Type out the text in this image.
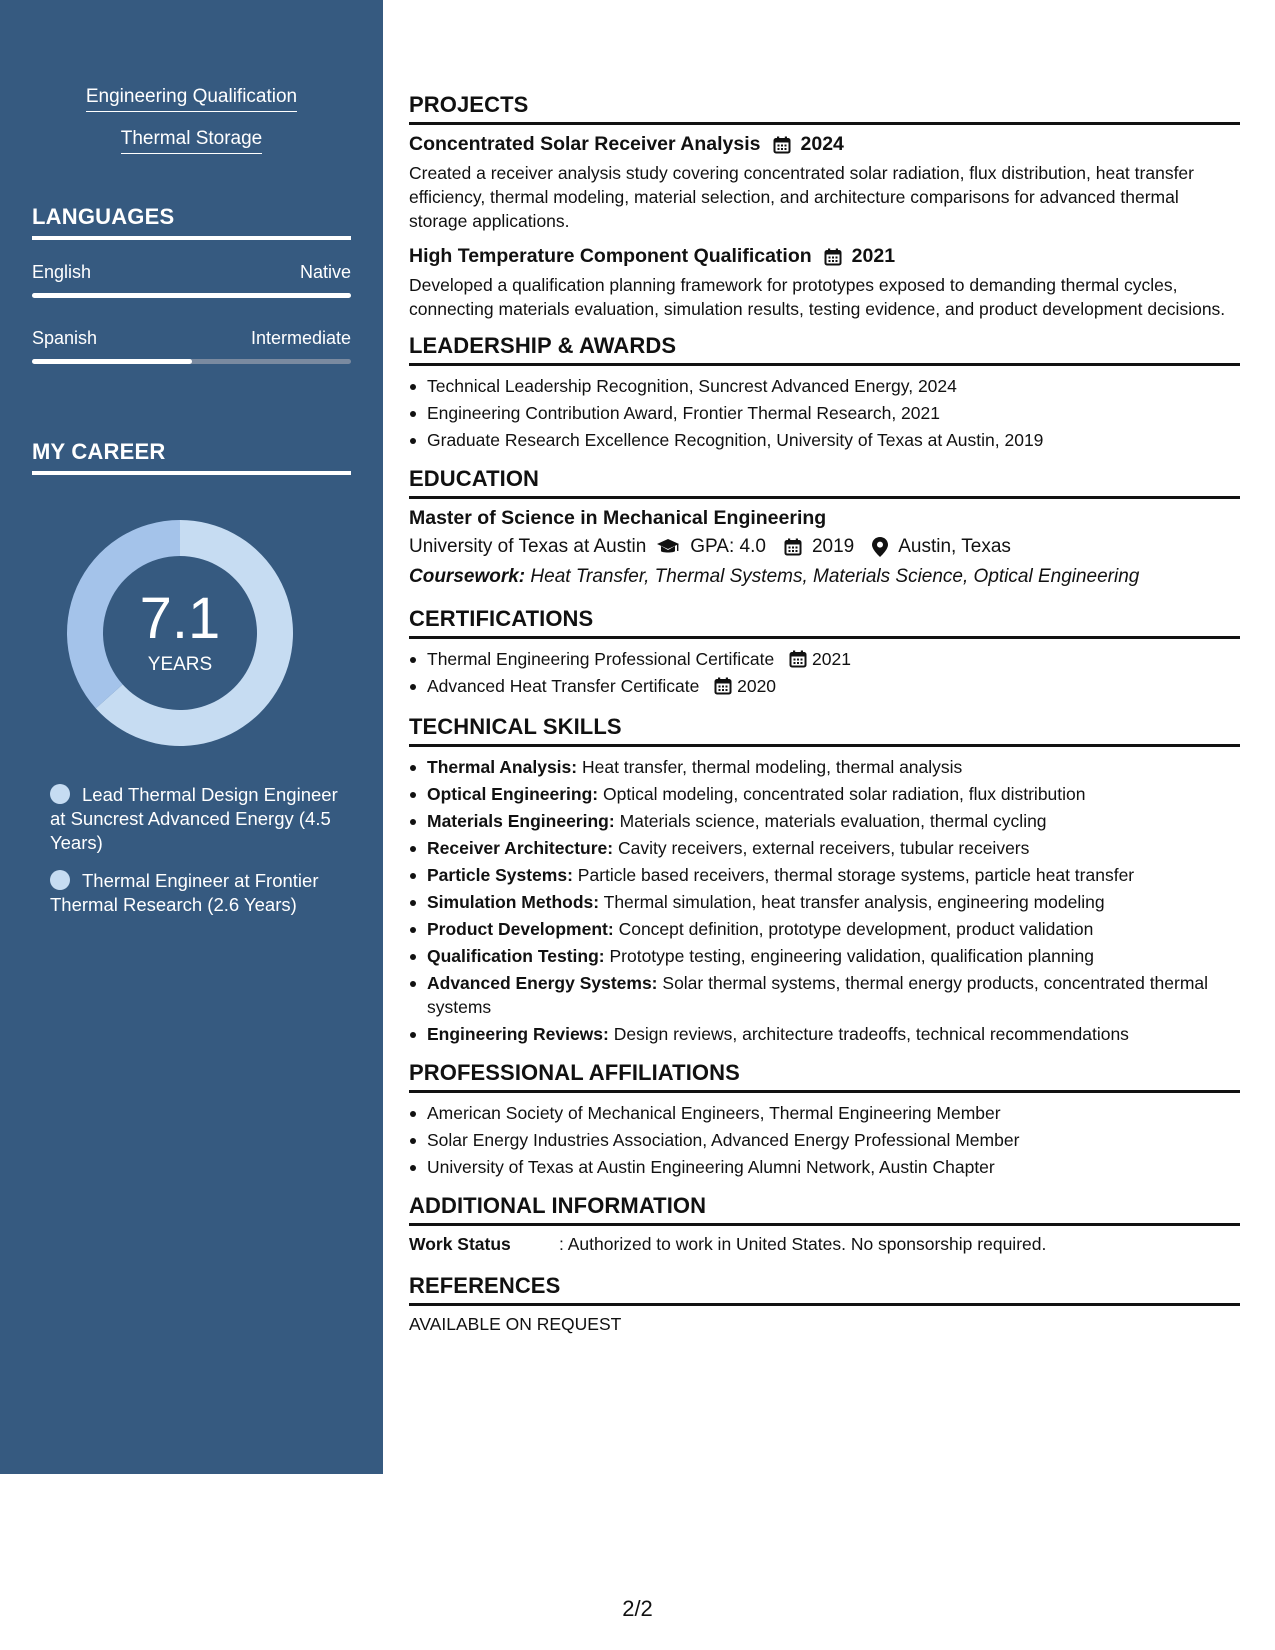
Engineering Qualification
Thermal Storage
LANGUAGES
English	Native
Spanish	Intermediate
MY CAREER
7.1
YEARS
Lead Thermal Design Engineer at Suncrest Advanced Energy (4.5 Years)
Thermal Engineer at Frontier Thermal Research (2.6 Years)
PROJECTS
Concentrated Solar Receiver Analysis 2024

Created a receiver analysis study covering concentrated solar radiation, flux distribution, heat transfer efficiency, thermal modeling, material selection, and architecture comparisons for advanced thermal storage applications.

High Temperature Component Qualification 2021

Developed a qualification planning framework for prototypes exposed to demanding thermal cycles, connecting materials evaluation, simulation results, testing evidence, and product development decisions.

LEADERSHIP & AWARDS
Technical Leadership Recognition, Suncrest Advanced Energy, 2024
Engineering Contribution Award, Frontier Thermal Research, 2021
Graduate Research Excellence Recognition, University of Texas at Austin, 2019
EDUCATION
Master of Science in Mechanical Engineering
University of Texas at Austin GPA: 4.0 2019 Austin, Texas
Coursework: Heat Transfer, Thermal Systems, Materials Science, Optical Engineering
CERTIFICATIONS
Thermal Engineering Professional Certificate 2021
Advanced Heat Transfer Certificate 2020
TECHNICAL SKILLS
Thermal Analysis: Heat transfer, thermal modeling, thermal analysis
Optical Engineering: Optical modeling, concentrated solar radiation, flux distribution
Materials Engineering: Materials science, materials evaluation, thermal cycling
Receiver Architecture: Cavity receivers, external receivers, tubular receivers
Particle Systems: Particle based receivers, thermal storage systems, particle heat transfer
Simulation Methods: Thermal simulation, heat transfer analysis, engineering modeling
Product Development: Concept definition, prototype development, product validation
Qualification Testing: Prototype testing, engineering validation, qualification planning
Advanced Energy Systems: Solar thermal systems, thermal energy products, concentrated thermal systems
Engineering Reviews: Design reviews, architecture tradeoffs, technical recommendations
PROFESSIONAL AFFILIATIONS
American Society of Mechanical Engineers, Thermal Engineering Member
Solar Energy Industries Association, Advanced Energy Professional Member
University of Texas at Austin Engineering Alumni Network, Austin Chapter
ADDITIONAL INFORMATION
Work Status	: Authorized to work in United States. No sponsorship required.
REFERENCES
AVAILABLE ON REQUEST
2/2
